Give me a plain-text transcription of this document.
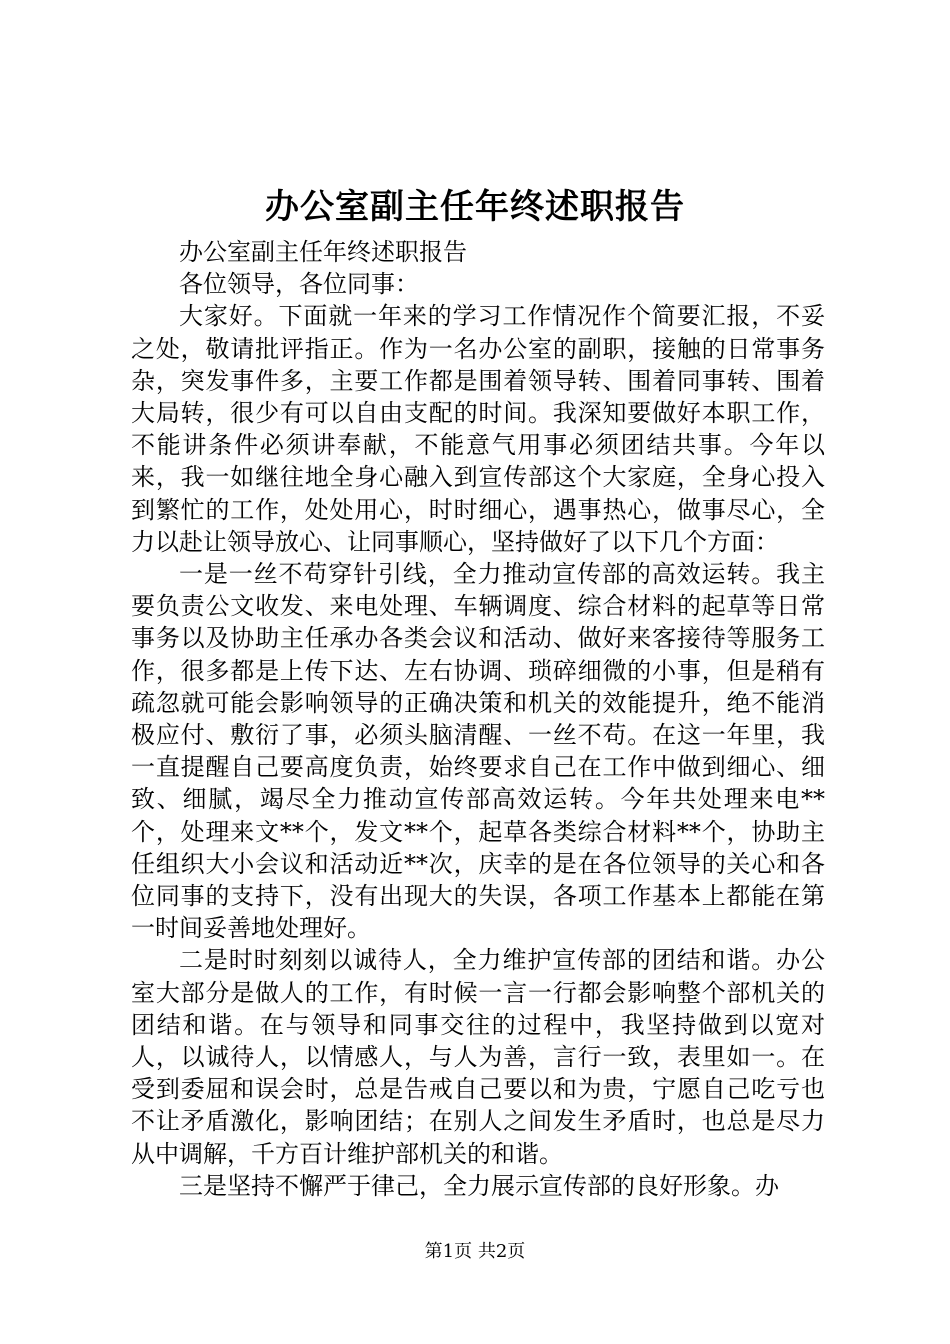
办公室副主任年终述职报告

办公室副主任年终述职报告

各位领导，各位同事：

大家好。下面就一年来的学习工作情况作个简要汇报，不妥之处，敬请批评指正。作为一名办公室的副职，接触的日常事务杂，突发事件多，主要工作都是围着领导转、围着同事转、围着大局转，很少有可以自由支配的时间。我深知要做好本职工作，不能讲条件必须讲奉献，不能意气用事必须团结共事。今年以来，我一如继往地全身心融入到宣传部这个大家庭，全身心投入到繁忙的工作，处处用心，时时细心，遇事热心，做事尽心，全力以赴让领导放心、让同事顺心，坚持做好了以下几个方面：

一是一丝不苟穿针引线，全力推动宣传部的高效运转。我主要负责公文收发、来电处理、车辆调度、综合材料的起草等日常事务以及协助主任承办各类会议和活动、做好来客接待等服务工作，很多都是上传下达、左右协调、琐碎细微的小事，但是稍有疏忽就可能会影响领导的正确决策和机关的效能提升，绝不能消极应付、敷衍了事，必须头脑清醒、一丝不苟。在这一年里，我一直提醒自己要高度负责，始终要求自己在工作中做到细心、细致、细腻，竭尽全力推动宣传部高效运转。今年共处理来电**个，处理来文**个，发文**个，起草各类综合材料**个，协助主任组织大小会议和活动近**次，庆幸的是在各位领导的关心和各位同事的支持下，没有出现大的失误，各项工作基本上都能在第一时间妥善地处理好。

二是时时刻刻以诚待人，全力维护宣传部的团结和谐。办公室大部分是做人的工作，有时候一言一行都会影响整个部机关的团结和谐。在与领导和同事交往的过程中，我坚持做到以宽对人，以诚待人，以情感人，与人为善，言行一致，表里如一。在受到委屈和误会时，总是告戒自己要以和为贵，宁愿自己吃亏也不让矛盾激化，影响团结；在别人之间发生矛盾时，也总是尽力从中调解，千方百计维护部机关的和谐。

三是坚持不懈严于律己，全力展示宣传部的良好形象。办

第1页 共2页
